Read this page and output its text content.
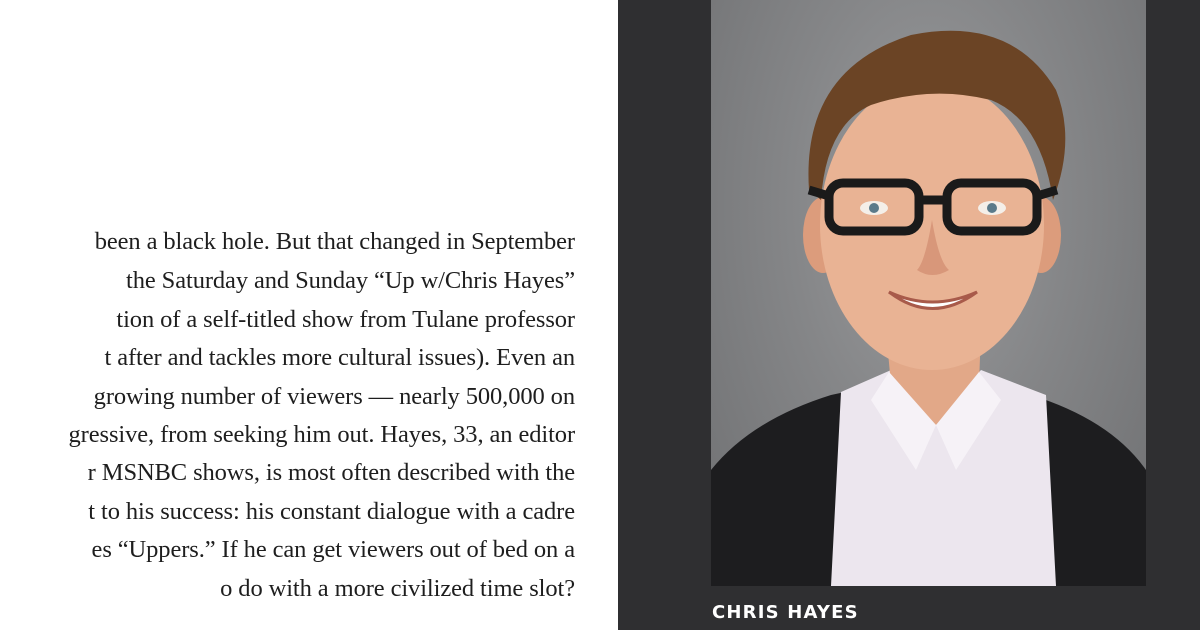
been a black hole. But that changed in September
the Saturday and Sunday “Up w/Chris Hayes”
tion of a self-titled show from Tulane professor
t after and tackles more cultural issues). Even an
growing number of viewers — nearly 500,000 on
gressive, from seeking him out. Hayes, 33, an editor
r MSNBC shows, is most often described with the
t to his success: his constant dialogue with a cadre
es “Uppers.” If he can get viewers out of bed on a
o do with a more civilized time slot?
CHRIS HAYES
